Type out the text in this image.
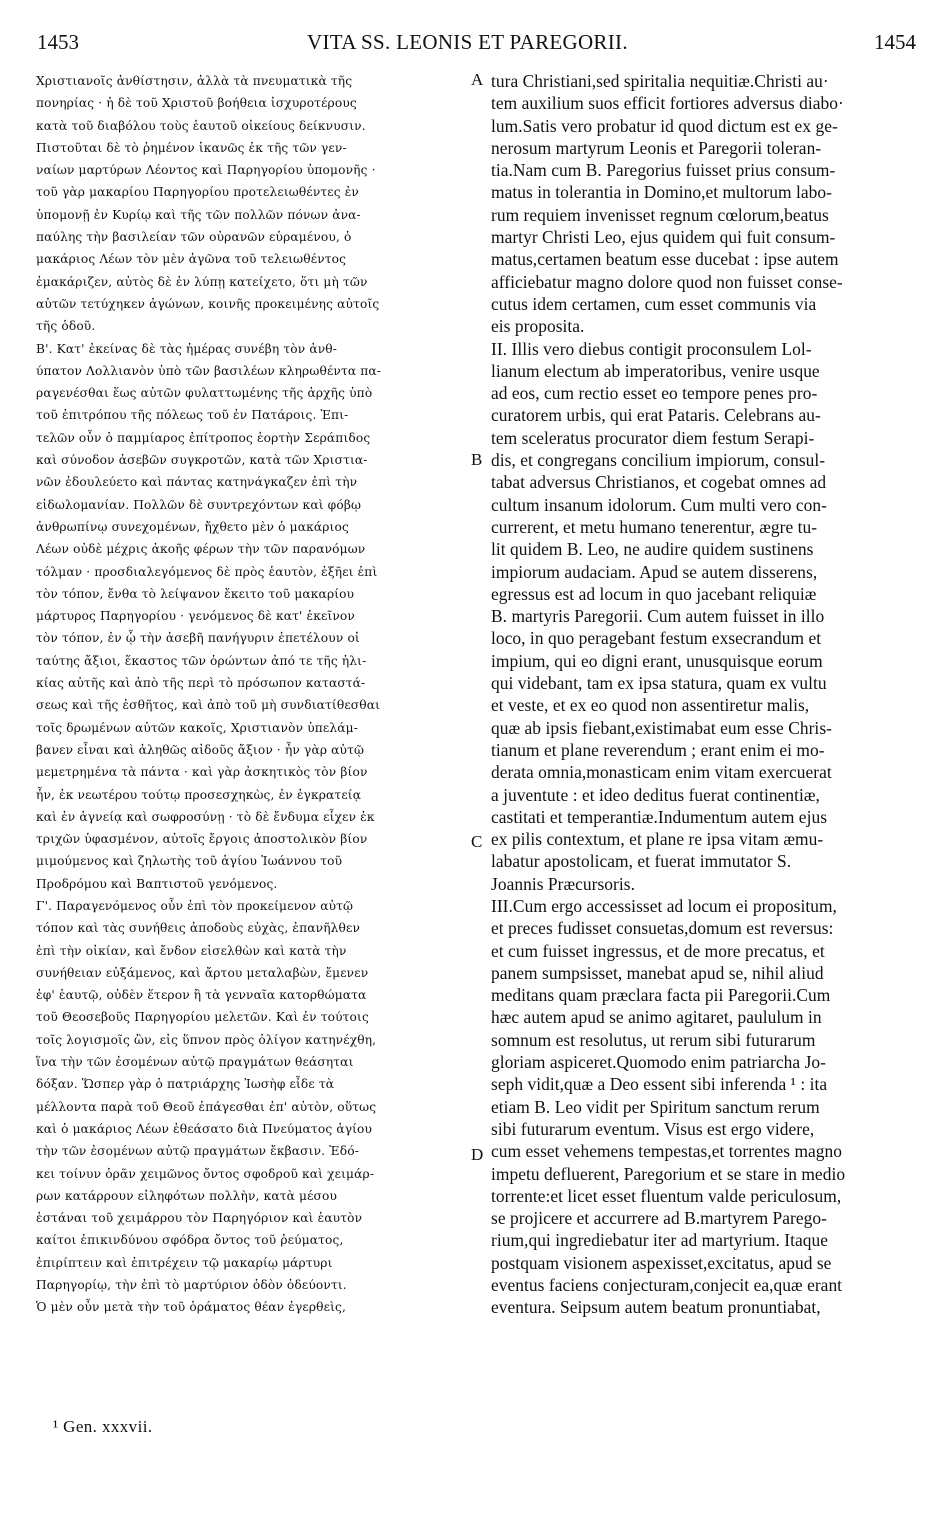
1453	VITA SS. LEONIS ET PAREGORII.	1454
Χριστιανοῖς ἀνθίστησιν, ἀλλὰ τὰ πνευματικὰ τῆς
πονηρίας · ἡ δὲ τοῦ Χριστοῦ βοήθεια ἰσχυροτέρους
κατὰ τοῦ διαβόλου τοὺς ἑαυτοῦ οἰκείους δείκνυσιν.
Πιστοῦται δὲ τὸ ῥημένον ἱκανῶς ἐκ τῆς τῶν γεν-
ναίων μαρτύρων Λέοντος καὶ Παρηγορίου ὑπομονῆς ·
τοῦ γὰρ μακαρίου Παρηγορίου προτελειωθέντες ἐν
ὑπομονῇ ἐν Κυρίῳ καὶ τῆς τῶν πολλῶν πόνων ἀνα-
παύλης τὴν βασιλείαν τῶν οὐρανῶν εὑραμένου, ὁ
μακάριος Λέων τὸν μὲν ἀγῶνα τοῦ τελειωθέντος
ἐμακάριζεν, αὐτὸς δὲ ἐν λύπῃ κατείχετο, ὅτι μὴ τῶν
αὐτῶν τετύχηκεν ἀγώνων, κοινῆς προκειμένης αὐτοῖς
τῆς ὁδοῦ.
Β'. Κατ' ἐκείνας δὲ τὰς ἡμέρας συνέβη τὸν ἀνθ-
ύπατον Λολλιανὸν ὑπὸ τῶν βασιλέων κληρωθέντα πα-
ραγενέσθαι ἕως αὐτῶν φυλαττωμένης τῆς ἀρχῆς ὑπὸ
τοῦ ἐπιτρόπου τῆς πόλεως τοῦ ἐν Πατάροις. Ἐπι-
τελῶν οὖν ὁ παμμίαρος ἐπίτροπος ἑορτὴν Σεράπιδος
καὶ σύνοδον ἀσεβῶν συγκροτῶν, κατὰ τῶν Χριστια-
νῶν ἐδουλεύετο καὶ πάντας κατηνάγκαζεν ἐπὶ τὴν
εἰδωλομανίαν. Πολλῶν δὲ συντρεχόντων καὶ φόβῳ
ἀνθρωπίνῳ συνεχομένων, ἤχθετο μὲν ὁ μακάριος
Λέων οὐδὲ μέχρις ἀκοῆς φέρων τὴν τῶν παρανόμων
τόλμαν · προσδιαλεγόμενος δὲ πρὸς ἑαυτὸν, ἐξῆει ἐπὶ
τὸν τόπον, ἔνθα τὸ λείψανον ἔκειτο τοῦ μακαρίου
μάρτυρος Παρηγορίου · γενόμενος δὲ κατ' ἐκεῖνον
τὸν τόπον, ἐν ᾧ τὴν ἀσεβῆ πανήγυριν ἐπετέλουν οἱ
ταύτης ἄξιοι, ἕκαστος τῶν ὁρώντων ἀπό τε τῆς ἡλι-
κίας αὐτῆς καὶ ἀπὸ τῆς περὶ τὸ πρόσωπον καταστά-
σεως καὶ τῆς ἐσθῆτος, καὶ ἀπὸ τοῦ μὴ συνδιατίθεσθαι
τοῖς δρωμένων αὐτῶν κακοῖς, Χριστιανὸν ὑπελάμ-
βανεν εἶναι καὶ ἀληθῶς αἰδοῦς ἄξιον · ἦν γὰρ αὐτῷ
μεμετρημένα τὰ πάντα · καὶ γὰρ ἀσκητικὸς τὸν βίον
ἦν, ἐκ νεωτέρου τούτῳ προσεσχηκὼς, ἐν ἐγκρατείᾳ
καὶ ἐν ἁγνείᾳ καὶ σωφροσύνῃ · τὸ δὲ ἔνδυμα εἶχεν ἐκ
τριχῶν ὑφασμένον, αὐτοῖς ἔργοις ἀποστολικὸν βίον
μιμούμενος καὶ ζηλωτὴς τοῦ ἁγίου Ἰωάννου τοῦ
Προδρόμου καὶ Βαπτιστοῦ γενόμενος.
Γ'. Παραγενόμενος οὖν ἐπὶ τὸν προκείμενον αὐτῷ
τόπον καὶ τὰς συνήθεις ἀποδοὺς εὐχὰς, ἐπανῆλθεν
ἐπὶ τὴν οἰκίαν, καὶ ἔνδον εἰσελθὼν καὶ κατὰ τὴν
συνήθειαν εὐξάμενος, καὶ ἄρτου μεταλαβὼν, ἔμενεν
ἐφ' ἑαυτῷ, οὐδὲν ἕτερον ἢ τὰ γενναῖα κατορθώματα
τοῦ Θεοσεβοῦς Παρηγορίου μελετῶν. Καὶ ἐν τούτοις
τοῖς λογισμοῖς ὢν, εἰς ὕπνον πρὸς ὀλίγον κατηνέχθη,
ἵνα τὴν τῶν ἐσομένων αὐτῷ πραγμάτων θεάσηται
δόξαν. Ὥσπερ γὰρ ὁ πατριάρχης Ἰωσὴφ εἶδε τὰ
μέλλοντα παρὰ τοῦ Θεοῦ ἐπάγεσθαι ἐπ' αὐτὸν, οὕτως
καὶ ὁ μακάριος Λέων ἐθεάσατο διὰ Πνεύματος ἁγίου
τὴν τῶν ἐσομένων αὐτῷ πραγμάτων ἔκβασιν. Ἐδό-
κει τοίνυν ὁρᾶν χειμῶνος ὄντος σφοδροῦ καὶ χειμάρ-
ρων κατάρρουν εἰληφότων πολλὴν, κατὰ μέσου
ἑστάναι τοῦ χειμάρρου τὸν Παρηγόριον καὶ ἑαυτὸν
καίτοι ἐπικινδύνου σφόδρα ὄντος τοῦ ῥεύματος,
ἐπιρίπτειν καὶ ἐπιτρέχειν τῷ μακαρίῳ μάρτυρι
Παρηγορίῳ, τὴν ἐπὶ τὸ μαρτύριον ὁδὸν ὁδεύοντι.
Ὁ μὲν οὖν μετὰ τὴν τοῦ ὁράματος θέαν ἐγερθεὶς,
tura Christiani,sed spiritalia nequitiæ.Christi au·
tem auxilium suos efficit fortiores adversus diabo·
lum.Satis vero probatur id quod dictum est ex ge-
nerosum martyrum Leonis et Paregorii toleran-
tia.Nam cum B. Paregorius fuisset prius consum-
matus in tolerantia in Domino,et multorum labo-
rum requiem invenisset regnum cœlorum,beatus
martyr Christi Leo, ejus quidem qui fuit consum-
matus,certamen beatum esse ducebat : ipse autem
afficiebatur magno dolore quod non fuisset conse-
cutus idem certamen, cum esset communis via
eis proposita.
II. Illis vero diebus contigit proconsulem Lol-
lianum electum ab imperatoribus, venire usque
ad eos, cum rectio esset eo tempore penes pro-
curatorem urbis, qui erat Pataris. Celebrans au-
tem sceleratus procurator diem festum Serapi-
dis, et congregans concilium impiorum, consul-
tabat adversus Christianos, et cogebat omnes ad
cultum insanum idolorum. Cum multi vero con-
currerent, et metu humano tenerentur, ægre tu-
lit quidem B. Leo, ne audire quidem sustinens
impiorum audaciam. Apud se autem disserens,
egressus est ad locum in quo jacebant reliquiæ
B. martyris Paregorii. Cum autem fuisset in illo
loco, in quo peragebant festum exsecrandum et
impium, qui eo digni erant, unusquisque eorum
qui videbant, tam ex ipsa statura, quam ex vultu
et veste, et ex eo quod non assentiretur malis,
quæ ab ipsis fiebant,existimabat eum esse Chris-
tianum et plane reverendum ; erant enim ei mo-
derata omnia,monasticam enim vitam exercuerat
a juventute : et ideo deditus fuerat continentiæ,
castitati et temperantiæ.Indumentum autem ejus
ex pilis contextum, et plane re ipsa vitam æmu-
labatur apostolicam, et fuerat immutator S.
Joannis Præcursoris.
III.Cum ergo accessisset ad locum ei propositum,
et preces fudisset consuetas,domum est reversus:
et cum fuisset ingressus, et de more precatus, et
panem sumpsisset, manebat apud se, nihil aliud
meditans quam præclara facta pii Paregorii.Cum
hæc autem apud se animo agitaret, paululum in
somnum est resolutus, ut rerum sibi futurarum
gloriam aspiceret.Quomodo enim patriarcha Jo-
seph vidit,quæ a Deo essent sibi inferenda ¹ : ita
etiam B. Leo vidit per Spiritum sanctum rerum
sibi futurarum eventum. Visus est ergo videre,
cum esset vehemens tempestas,et torrentes magno
impetu defluerent, Paregorium et se stare in medio
torrente:et licet esset fluentum valde periculosum,
se projicere et accurrere ad B.martyrem Parego-
rium,qui ingrediebatur iter ad martyrium. Itaque
postquam visionem aspexisset,excitatus, apud se
eventus faciens conjecturam,conjecit ea,quæ erant
eventura. Seipsum autem beatum pronuntiabat,
A
B
C
D
¹ Gen. xxxvii.
